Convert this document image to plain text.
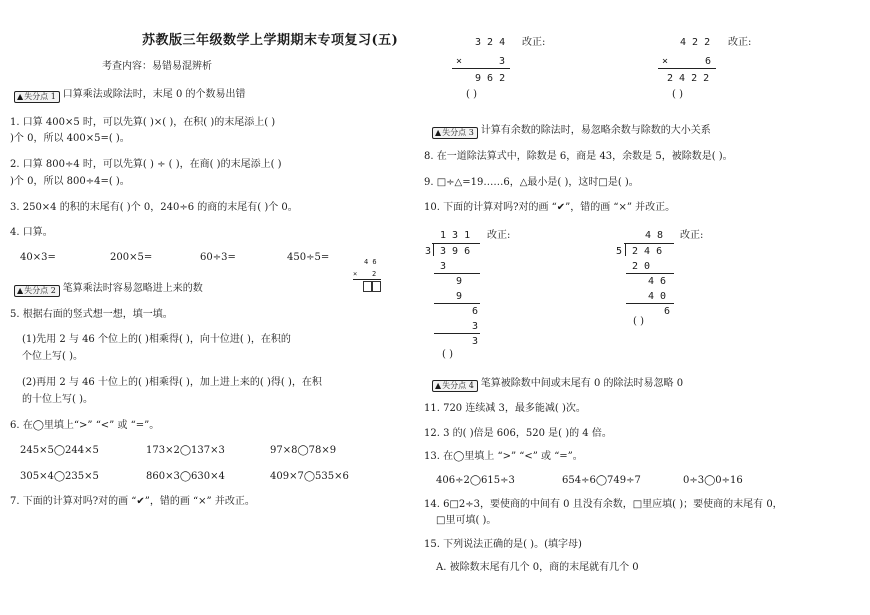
苏教版三年级数学上学期期末专项复习(五)
考查内容：易错易混辨析
▲失分点 1 口算乘法或除法时，末尾 0 的个数易出错
1. 口算 400×5 时，可以先算( )×( )，在积( )的末尾添上( )
)个 0，所以 400×5=( )。
2. 口算 800÷4 时，可以先算( ) ÷ ( )，在商( )的末尾添上( )
)个 0，所以 800÷4=( )。
3. 250×4 的积的末尾有( )个 0，240÷6 的商的末尾有( )个 0。
4. 口算。
40×3=	200×5=	60÷3=	450÷5=	4 6
× 2
▲失分点 2 笔算乘法时容易忽略进上来的数
5. 根据右面的竖式想一想，填一填。
(1)先用 2 与 46 个位上的( )相乘得( )，向十位进( )，在积的
个位上写( )。
(2)再用 2 与 46 十位上的( )相乘得( )，加上进上来的( )得( )，在积
的十位上写( )。
6. 在◯里填上“>” “<” 或 “=”。
245×5◯244×5	173×2◯137×3	97×8◯78×9
305×4◯235×5	860×3◯630×4	409×7◯535×6
7. 下面的计算对吗?对的画 “✔”，错的画 “×” 并改正。
3 2 4 改正:
×	3
9 6 2
( )
4 2 2 改正:
×	6
2 4 2 2
( )
▲失分点 3 计算有余数的除法时，易忽略余数与除数的大小关系
8. 在一道除法算式中，除数是 6，商是 43，余数是 5，被除数是( )。
9. □÷△=19……6，△最小是( )，这时□是( )。
10. 下面的计算对吗?对的画 “✔”，错的画 “×” 并改正。
1 3 1 改正:
3 3 9 6
3
9
9
6
3
3
( )
4 8 改正:
5 2 4 6
2 0
4 6
4 0
6
( )
▲失分点 4 笔算被除数中间或末尾有 0 的除法时易忽略 0
11. 720 连续减 3，最多能减( )次。
12. 3 的( )倍是 606，520 是( )的 4 倍。
13. 在◯里填上 “>” “<” 或 “=”。
406÷2◯615÷3	654÷6◯749÷7	0÷3◯0÷16
14. 6□2÷3，要使商的中间有 0 且没有余数，□里应填( )；要使商的末尾有 0，
□里可填( )。
15. 下列说法正确的是( )。(填字母)
A. 被除数末尾有几个 0，商的末尾就有几个 0
